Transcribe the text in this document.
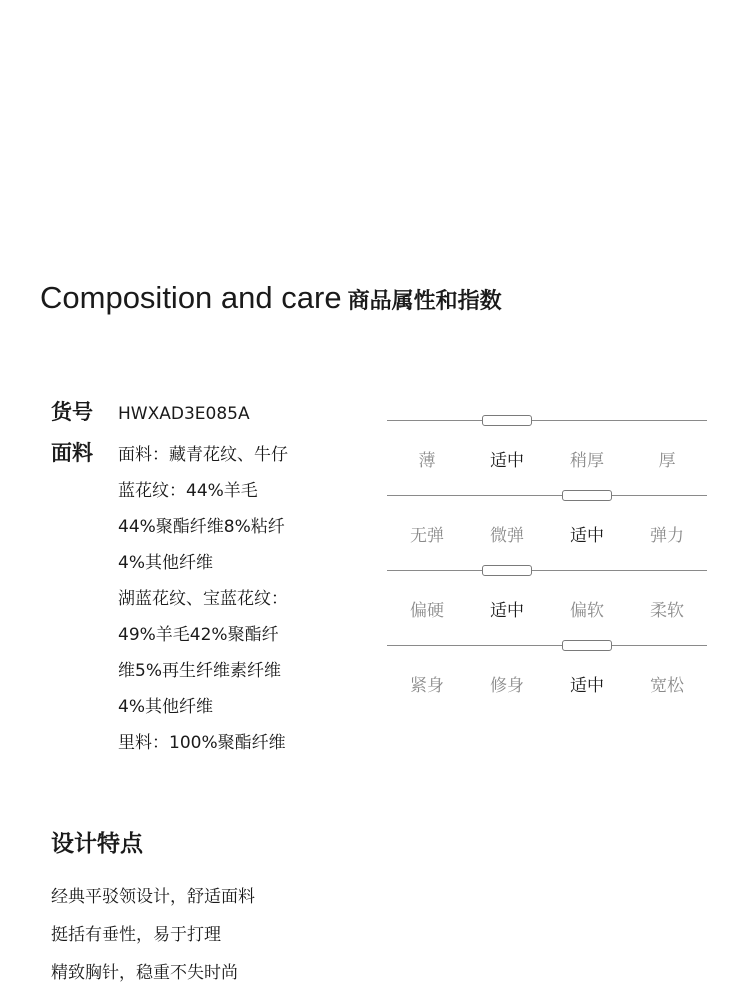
Composition and care 商品属性和指数
货号 HWXAD3E085A
面料 面料：藏青花纹、牛仔
蓝花纹：44%羊毛
44%聚酯纤维8%粘纤
4%其他纤维
湖蓝花纹、宝蓝花纹：
49%羊毛42%聚酯纤
维5%再生纤维素纤维
4%其他纤维
里料：100%聚酯纤维
薄	适中	稍厚	厚
无弹	微弹	适中	弹力
偏硬	适中	偏软	柔软
紧身	修身	适中	宽松
设计特点
经典平驳领设计，舒适面料
挺括有垂性，易于打理
精致胸针，稳重不失时尚
